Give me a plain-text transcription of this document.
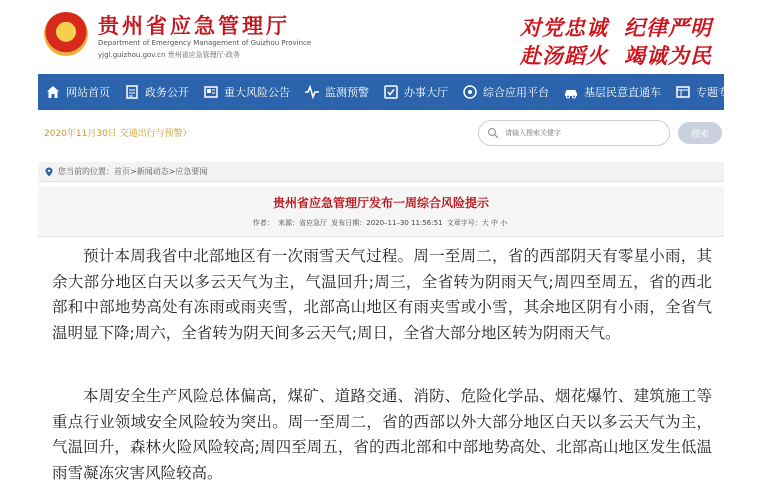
★
贵州省应急管理厅
Department of Emergency Management of Guizhou Province
yjgl.guizhou.gov.cn 贵州省应急管理厅·政务
对党忠诚 纪律严明
赴汤蹈火 竭诚为民
网站首页	政务公开	重大风险公告	监测预警	办事大厅	综合应用平台	基层民意直通车	专题专栏
2020年11月30日 交通出行与预警）
请输入搜索关键字	搜索
您当前的位置：首页>新闻动态>应急要闻
贵州省应急管理厅发布一周综合风险提示
作者： 来源：省应急厅 发布日期：2020–11–30 11:56:51 文章字号：大 中 小

预计本周我省中北部地区有一次雨雪天气过程。周一至周二，省的西部阴天有零星小雨，其余大部分地区白天以多云天气为主，气温回升;周三，全省转为阴雨天气;周四至周五，省的西北部和中部地势高处有冻雨或雨夹雪，北部高山地区有雨夹雪或小雪，其余地区阴有小雨，全省气温明显下降;周六，全省转为阴天间多云天气;周日，全省大部分地区转为阴雨天气。

本周安全生产风险总体偏高，煤矿、道路交通、消防、危险化学品、烟花爆竹、建筑施工等重点行业领域安全风险较为突出。周一至周二，省的西部以外大部分地区白天以多云天气为主，气温回升，森林火险风险较高;周四至周五，省的西北部和中部地势高处、北部高山地区发生低温雨雪凝冻灾害风险较高。
